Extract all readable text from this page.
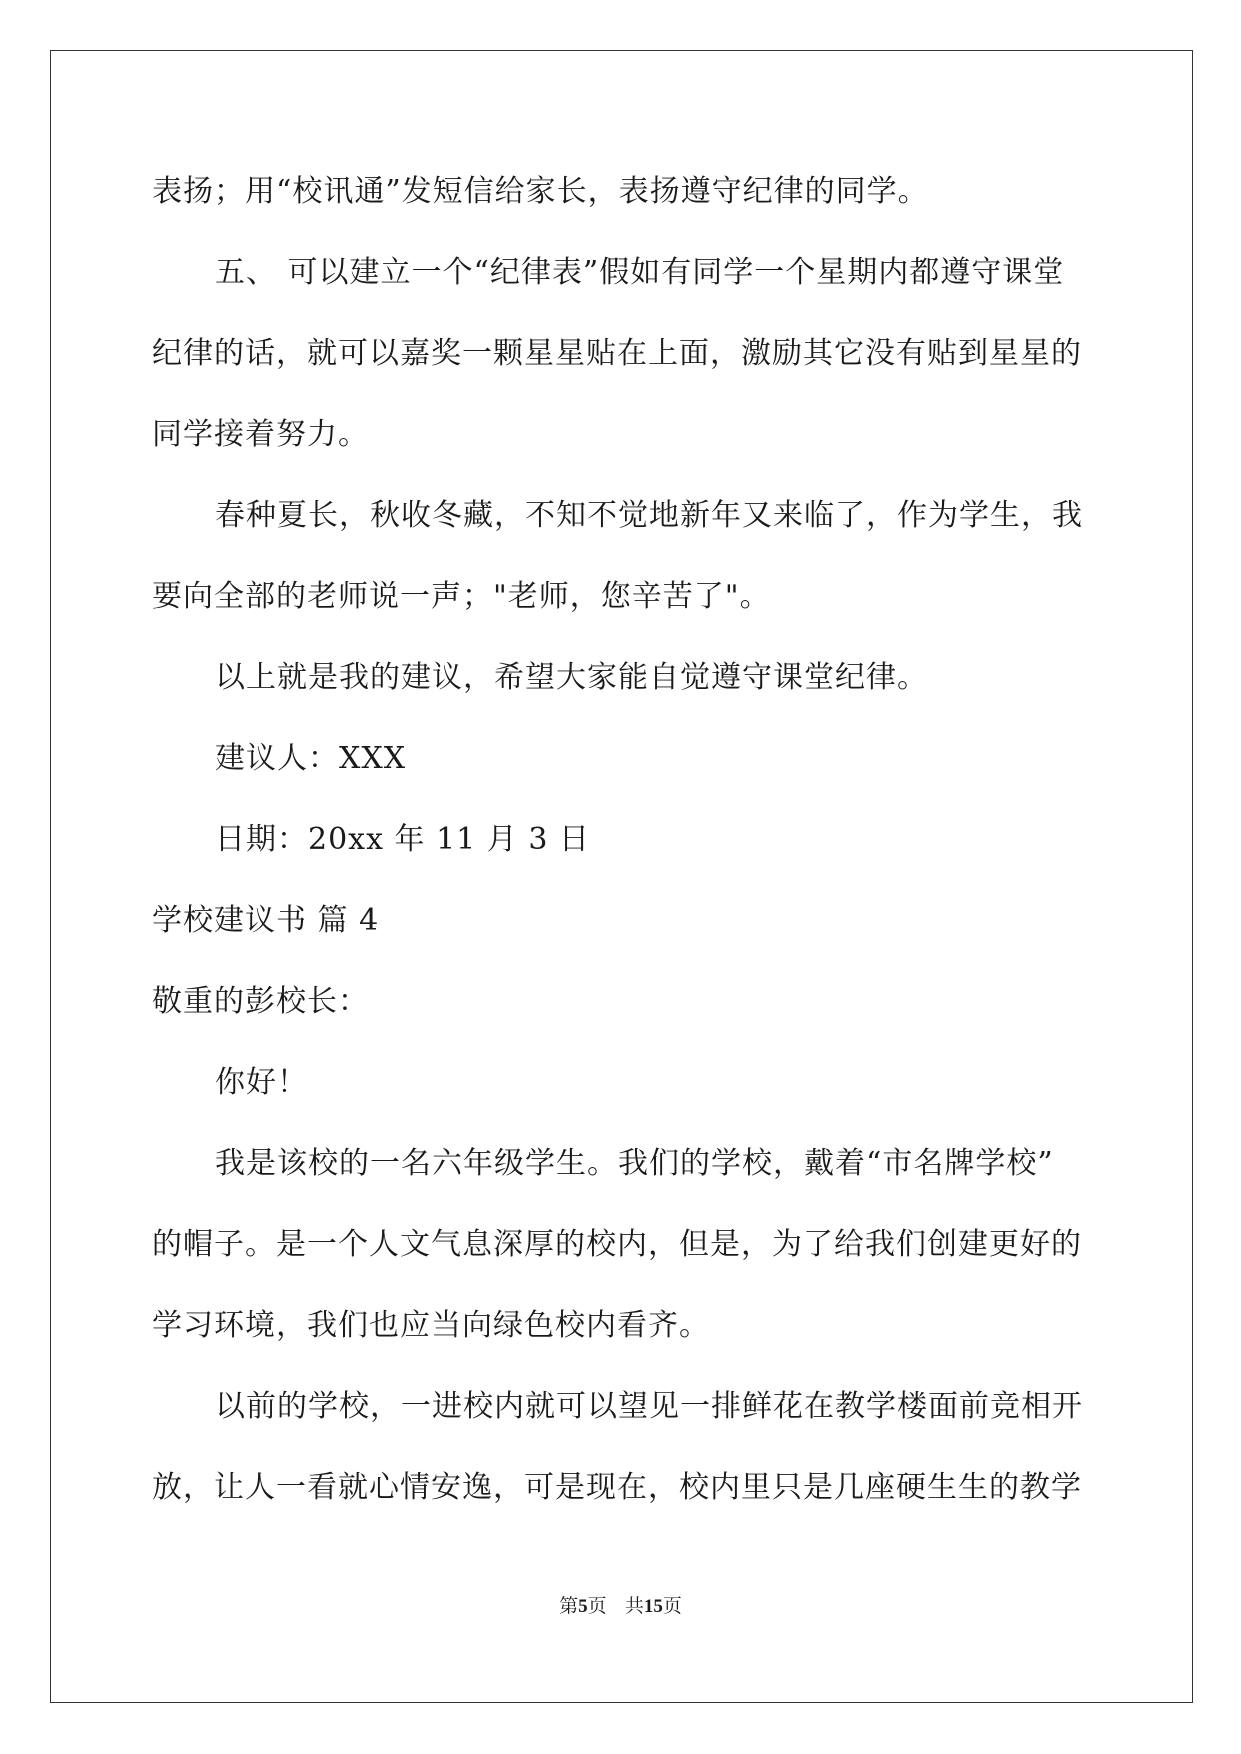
表扬；用“校讯通”发短信给家长，表扬遵守纪律的同学。
五、 可以建立一个“纪律表”假如有同学一个星期内都遵守课堂
纪律的话，就可以嘉奖一颗星星贴在上面，激励其它没有贴到星星的
同学接着努力。
春种夏长，秋收冬藏，不知不觉地新年又来临了，作为学生，我
要向全部的老师说一声；"老师，您辛苦了"。
以上就是我的建议，希望大家能自觉遵守课堂纪律。
建议人：XXX
日期：20xx 年 11 月 3 日
学校建议书 篇 4
敬重的彭校长：
你好！
我是该校的一名六年级学生。我们的学校，戴着“市名牌学校”
的帽子。是一个人文气息深厚的校内，但是，为了给我们创建更好的
学习环境，我们也应当向绿色校内看齐。
以前的学校，一进校内就可以望见一排鲜花在教学楼面前竞相开
放，让人一看就心情安逸，可是现在，校内里只是几座硬生生的教学
第5页 共15页
